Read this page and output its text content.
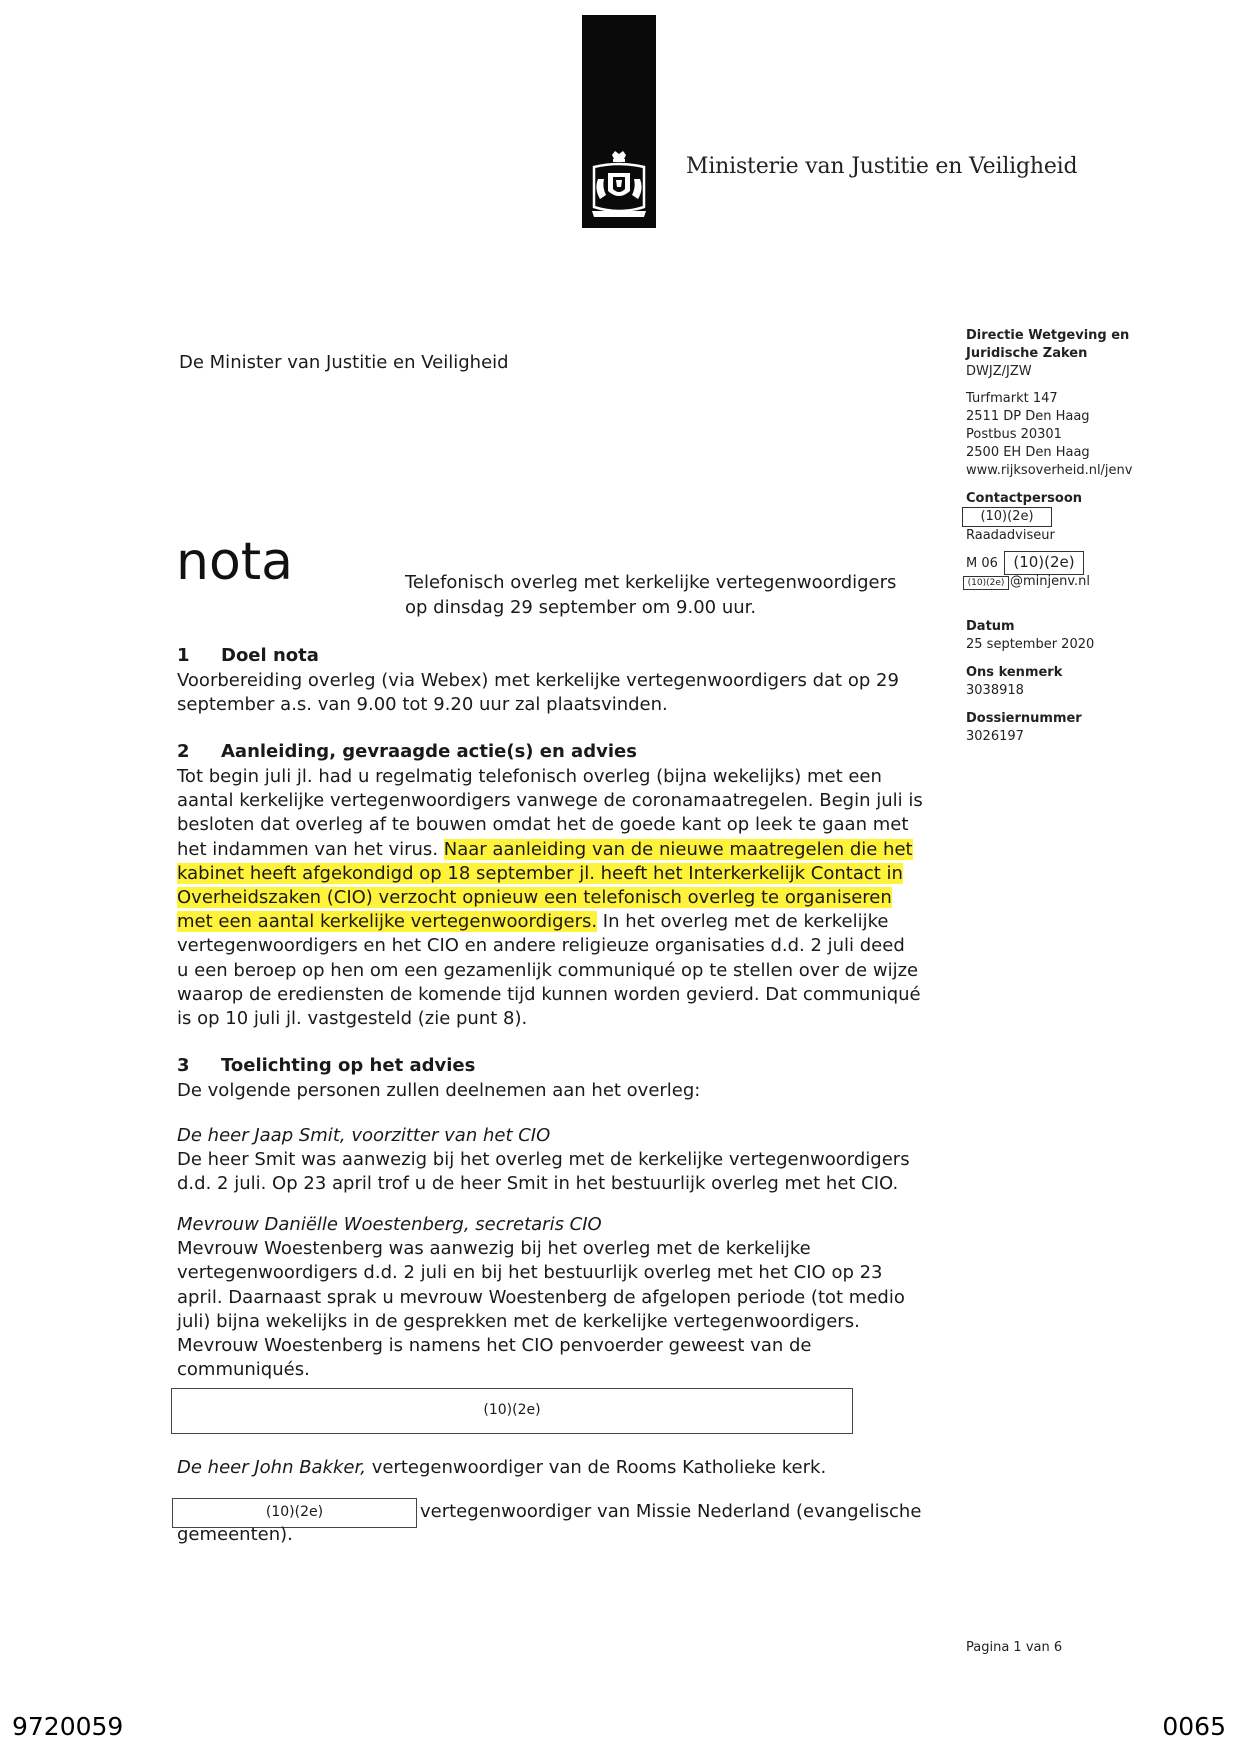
Ministerie van Justitie en Veiligheid
Directie Wetgeving en
Juridische Zaken
DWJZ/JZW
Turfmarkt 147
2511 DP Den Haag
Postbus 20301
2500 EH Den Haag
www.rijksoverheid.nl/jenv
Contactpersoon
(10)(2e)
Raadadviseur
M 06	(10)(2e)
(10)(2e) @minjenv.nl
Datum
25 september 2020
Ons kenmerk
3038918
Dossiernummer
3026197
De Minister van Justitie en Veiligheid
nota	Telefonisch overleg met kerkelijke vertegenwoordigers
op dinsdag 29 september om 9.00 uur.
1 Doel nota
Voorbereiding overleg (via Webex) met kerkelijke vertegenwoordigers dat op 29
september a.s. van 9.00 tot 9.20 uur zal plaatsvinden.
2 Aanleiding, gevraagde actie(s) en advies
Tot begin juli jl. had u regelmatig telefonisch overleg (bijna wekelijks) met een
aantal kerkelijke vertegenwoordigers vanwege de coronamaatregelen. Begin juli is
besloten dat overleg af te bouwen omdat het de goede kant op leek te gaan met
het indammen van het virus. Naar aanleiding van de nieuwe maatregelen die het
kabinet heeft afgekondigd op 18 september jl. heeft het Interkerkelijk Contact in
Overheidszaken (CIO) verzocht opnieuw een telefonisch overleg te organiseren
met een aantal kerkelijke vertegenwoordigers. In het overleg met de kerkelijke
vertegenwoordigers en het CIO en andere religieuze organisaties d.d. 2 juli deed
u een beroep op hen om een gezamenlijk communiqué op te stellen over de wijze
waarop de erediensten de komende tijd kunnen worden gevierd. Dat communiqué
is op 10 juli jl. vastgesteld (zie punt 8).
3 Toelichting op het advies
De volgende personen zullen deelnemen aan het overleg:
De heer Jaap Smit, voorzitter van het CIO
De heer Smit was aanwezig bij het overleg met de kerkelijke vertegenwoordigers
d.d. 2 juli. Op 23 april trof u de heer Smit in het bestuurlijk overleg met het CIO.
Mevrouw Daniëlle Woestenberg, secretaris CIO
Mevrouw Woestenberg was aanwezig bij het overleg met de kerkelijke
vertegenwoordigers d.d. 2 juli en bij het bestuurlijk overleg met het CIO op 23
april. Daarnaast sprak u mevrouw Woestenberg de afgelopen periode (tot medio
juli) bijna wekelijks in de gesprekken met de kerkelijke vertegenwoordigers.
Mevrouw Woestenberg is namens het CIO penvoerder geweest van de
communiqués.
(10)(2e)
De heer John Bakker, vertegenwoordiger van de Rooms Katholieke kerk.
(10)(2e)	vertegenwoordiger van Missie Nederland (evangelische
gemeenten).
Pagina 1 van 6
9720059	0065
